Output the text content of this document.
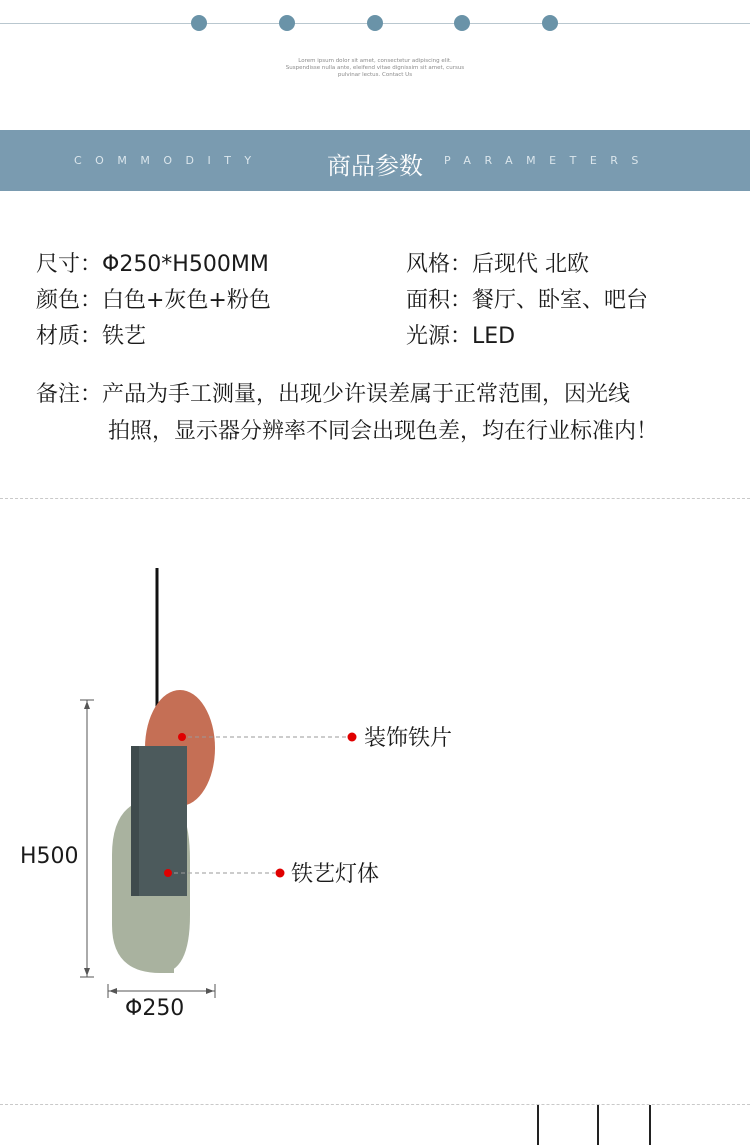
Lorem ipsum dolor sit amet, consectetur adipiscing elit.
Suspendisse nulla ante, eleifend vitae dignissim sit amet, cursus
pulvinar lectus. Contact Us
COMMODITY	商品参数	PARAMETERS
尺寸：Φ250*H500MM	风格：后现代 北欧
颜色：白色+灰色+粉色	面积：餐厅、卧室、吧台
材质：铁艺	光源：LED
备注：产品为手工测量，出现少许误差属于正常范围，因光线
拍照，显示器分辨率不同会出现色差，均在行业标准内！
装饰铁片
铁艺灯体
H500
Φ250
